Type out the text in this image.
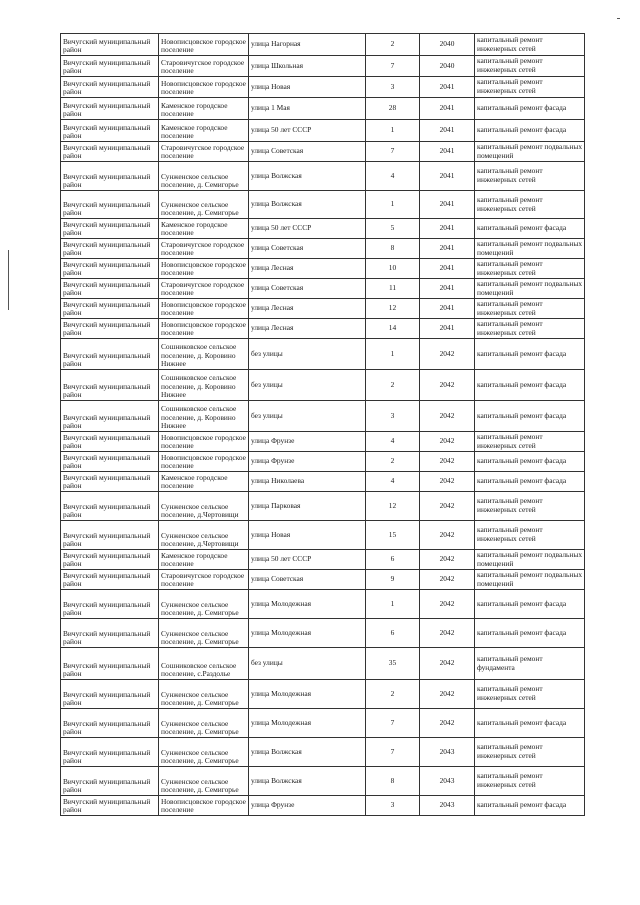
Вичугский муниципальный район	Новописцовское городское поселение	улица Нагорная	2	2040	капитальный ремонт инженерных сетей
Вичугский муниципальный район	Старовичугское городское поселение	улица Школьная	7	2040	капитальный ремонт инженерных сетей
Вичугский муниципальный район	Новописцовское городское поселение	улица Новая	3	2041	капитальный ремонт инженерных сетей
Вичугский муниципальный район	Каменское городское поселение	улица 1 Мая	28	2041	капитальный ремонт фасада
Вичугский муниципальный район	Каменское городское поселение	улица 50 лет СССР	1	2041	капитальный ремонт фасада
Вичугский муниципальный район	Старовичугское городское поселение	улица Советская	7	2041	капитальный ремонт подвальных помещений
Вичугский муниципальный район	Сунженское сельское поселение, д. Семигорье	улица Волжская	4	2041	капитальный ремонт инженерных сетей
Вичугский муниципальный район	Сунженское сельское поселение, д. Семигорье	улица Волжская	1	2041	капитальный ремонт инженерных сетей
Вичугский муниципальный район	Каменское городское поселение	улица 50 лет СССР	5	2041	капитальный ремонт фасада
Вичугский муниципальный район	Старовичугское городское поселение	улица Советская	8	2041	капитальный ремонт подвальных помещений
Вичугский муниципальный район	Новописцовское городское поселение	улица Лесная	10	2041	капитальный ремонт инженерных сетей
Вичугский муниципальный район	Старовичугское городское поселение	улица Советская	11	2041	капитальный ремонт подвальных помещений
Вичугский муниципальный район	Новописцовское городское поселение	улица Лесная	12	2041	капитальный ремонт инженерных сетей
Вичугский муниципальный район	Новописцовское городское поселение	улица Лесная	14	2041	капитальный ремонт инженерных сетей
Вичугский муниципальный район	Сошниковское сельское поселение, д. Коровино Нижнее	без улицы	1	2042	капитальный ремонт фасада
Вичугский муниципальный район	Сошниковское сельское поселение, д. Коровино Нижнее	без улицы	2	2042	капитальный ремонт фасада
Вичугский муниципальный район	Сошниковское сельское поселение, д. Коровино Нижнее	без улицы	3	2042	капитальный ремонт фасада
Вичугский муниципальный район	Новописцовское городское поселение	улица Фрунзе	4	2042	капитальный ремонт инженерных сетей
Вичугский муниципальный район	Новописцовское городское поселение	улица Фрунзе	2	2042	капитальный ремонт фасада
Вичугский муниципальный район	Каменское городское поселение	улица Николаева	4	2042	капитальный ремонт фасада
Вичугский муниципальный район	Сунженское сельское поселение, д.Чертовищи	улица Парковая	12	2042	капитальный ремонт инженерных сетей
Вичугский муниципальный район	Сунженское сельское поселение, д.Чертовищи	улица Новая	15	2042	капитальный ремонт инженерных сетей
Вичугский муниципальный район	Каменское городское поселение	улица 50 лет СССР	6	2042	капитальный ремонт подвальных помещений
Вичугский муниципальный район	Старовичугское городское поселение	улица Советская	9	2042	капитальный ремонт подвальных помещений
Вичугский муниципальный район	Сунженское сельское поселение, д. Семигорье	улица Молодежная	1	2042	капитальный ремонт фасада
Вичугский муниципальный район	Сунженское сельское поселение, д. Семигорье	улица Молодежная	6	2042	капитальный ремонт фасада
Вичугский муниципальный район	Сошниковское сельское поселение, с.Раздолье	без улицы	35	2042	капитальный ремонт фундамента
Вичугский муниципальный район	Сунженское сельское поселение, д. Семигорье	улица Молодежная	2	2042	капитальный ремонт инженерных сетей
Вичугский муниципальный район	Сунженское сельское поселение, д. Семигорье	улица Молодежная	7	2042	капитальный ремонт фасада
Вичугский муниципальный район	Сунженское сельское поселение, д. Семигорье	улица Волжская	7	2043	капитальный ремонт инженерных сетей
Вичугский муниципальный район	Сунженское сельское поселение, д. Семигорье	улица Волжская	8	2043	капитальный ремонт инженерных сетей
Вичугский муниципальный район	Новописцовское городское поселение	улица Фрунзе	3	2043	капитальный ремонт фасада
